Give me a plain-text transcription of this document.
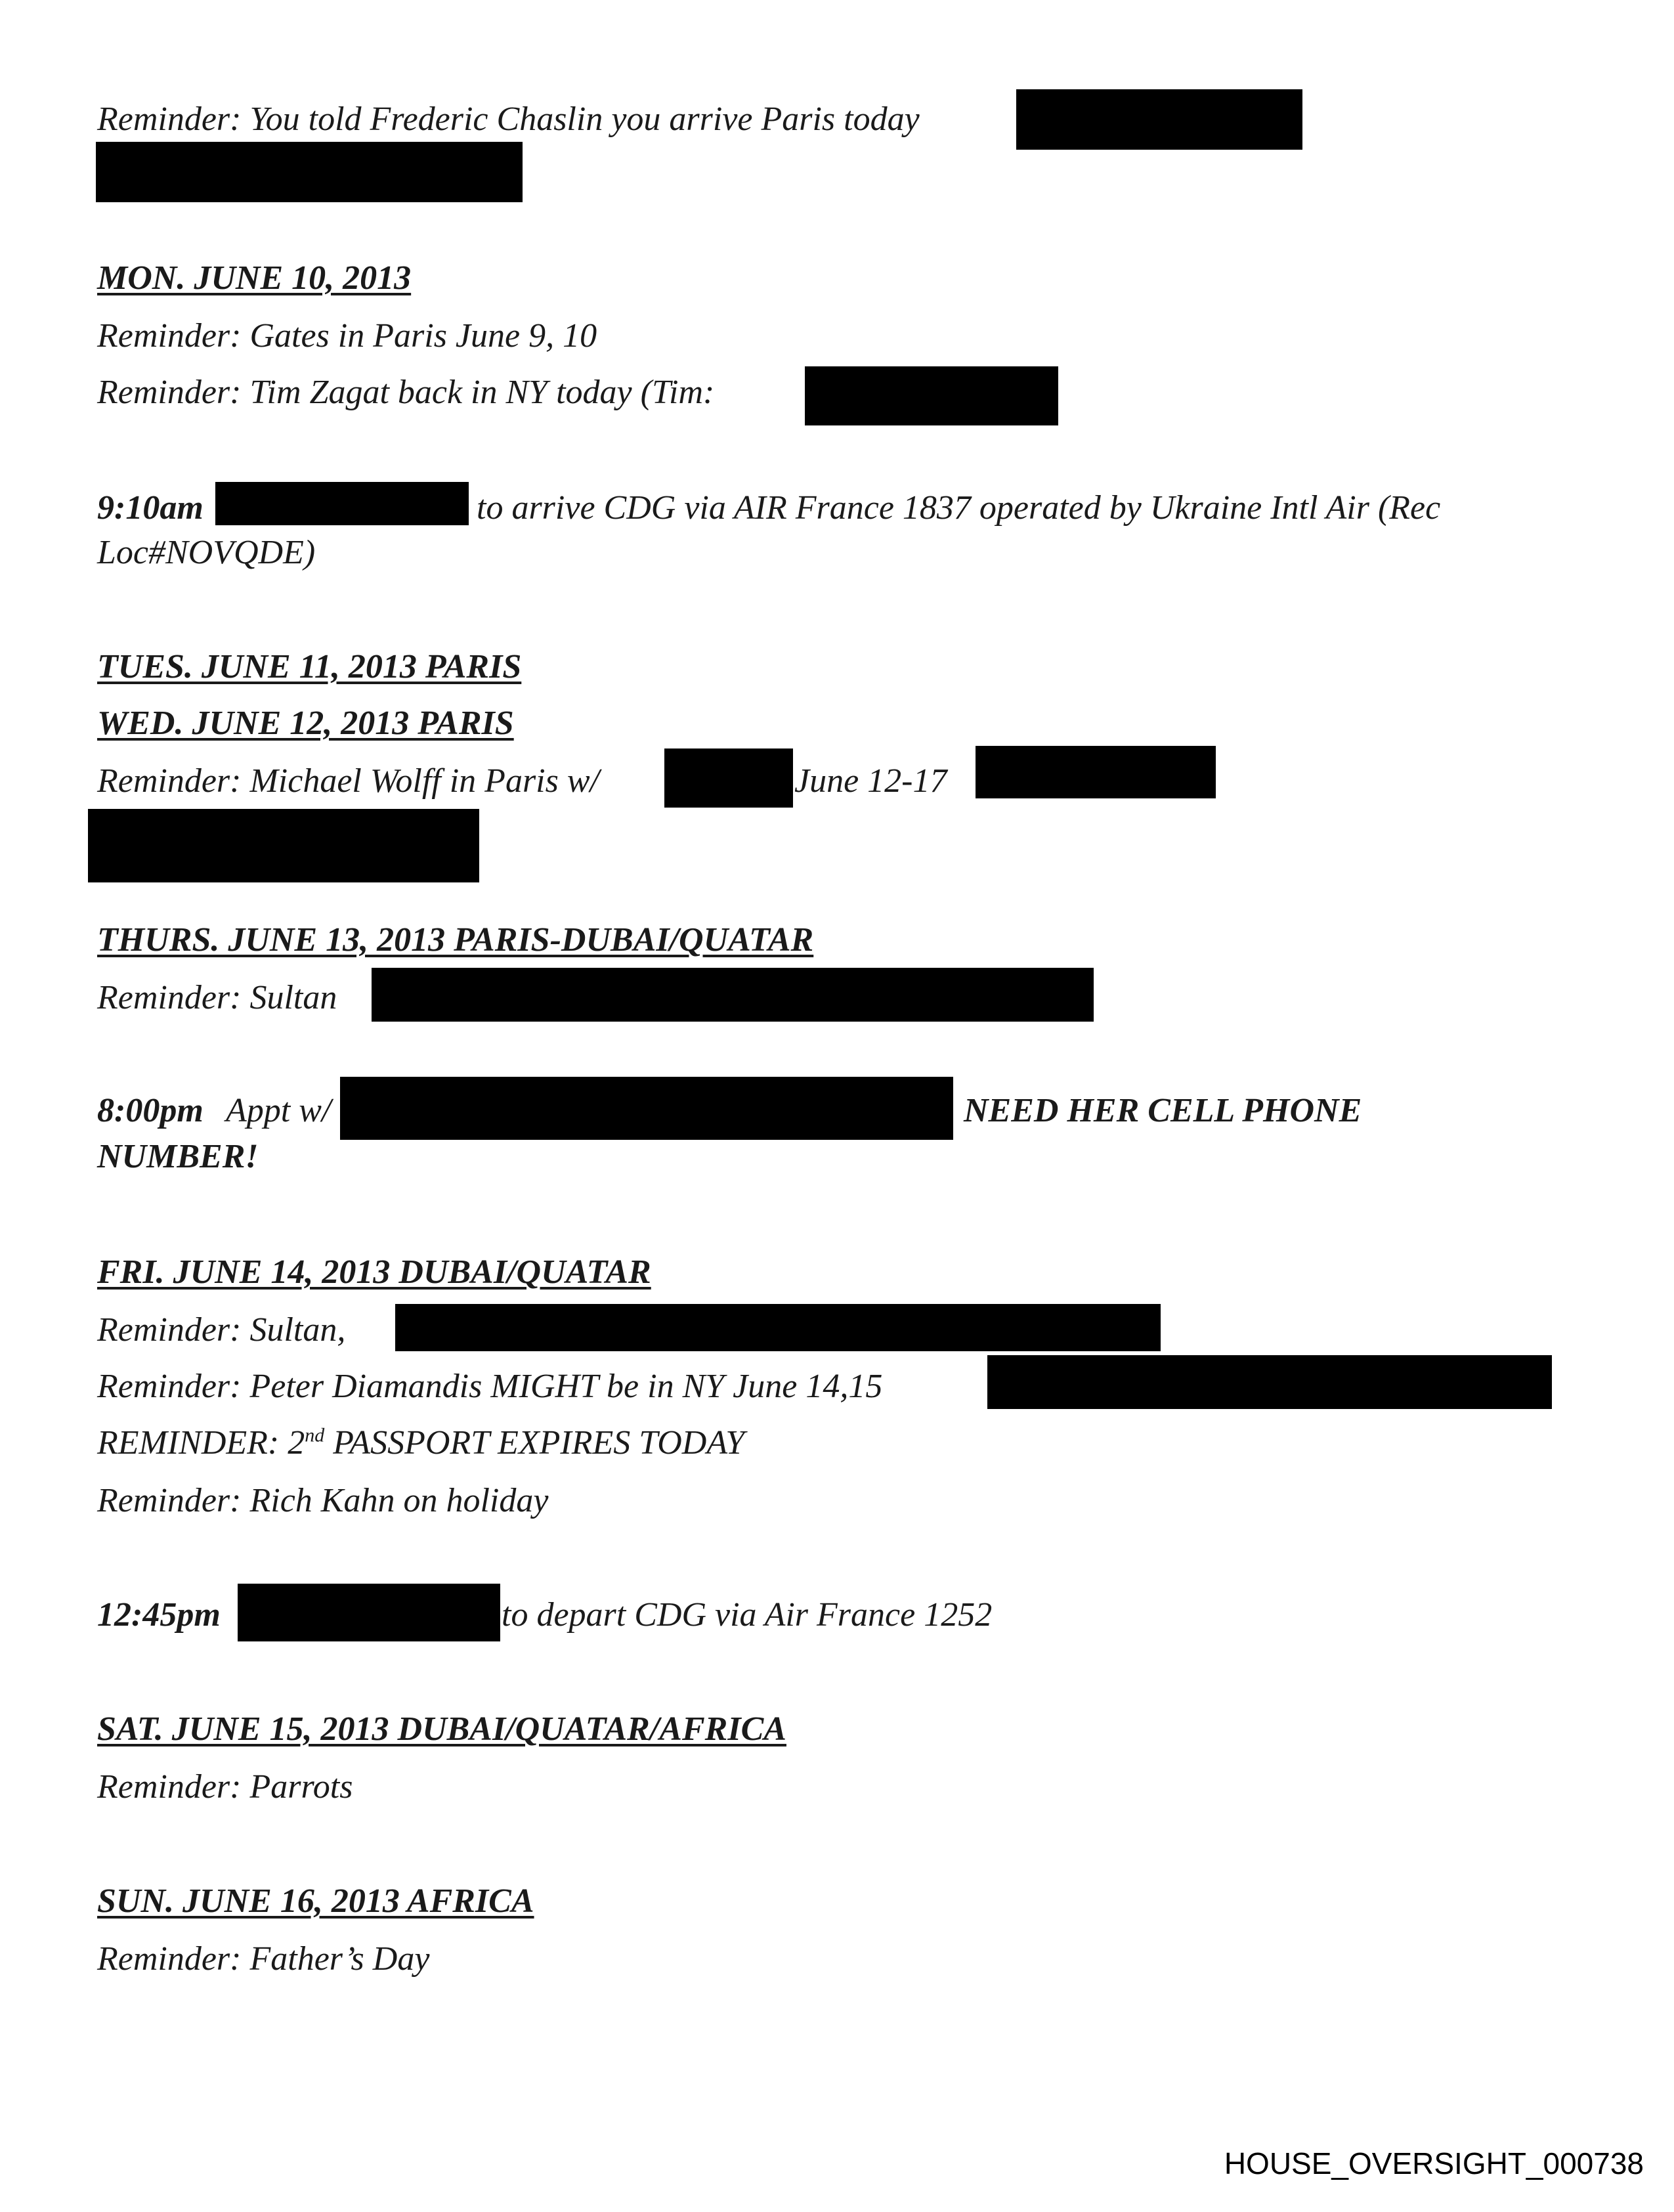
Reminder: You told Frederic Chaslin you arrive Paris today
MON. JUNE 10, 2013
Reminder: Gates in Paris June 9, 10
Reminder: Tim Zagat back in NY today (Tim:
9:10am	to arrive CDG via AIR France 1837 operated by Ukraine Intl Air (Rec
Loc#NOVQDE)
TUES. JUNE 11, 2013 PARIS
WED. JUNE 12, 2013 PARIS
Reminder: Michael Wolff in Paris w/	June 12-17
THURS. JUNE 13, 2013 PARIS-DUBAI/QUATAR
Reminder: Sultan
8:00pm Appt w/	NEED HER CELL PHONE
NUMBER!
FRI. JUNE 14, 2013 DUBAI/QUATAR
Reminder: Sultan,
Reminder: Peter Diamandis MIGHT be in NY June 14,15
REMINDER: 2nd PASSPORT EXPIRES TODAY
Reminder: Rich Kahn on holiday
12:45pm	to depart CDG via Air France 1252
SAT. JUNE 15, 2013 DUBAI/QUATAR/AFRICA
Reminder: Parrots
SUN. JUNE 16, 2013 AFRICA
Reminder: Father’s Day
HOUSE_OVERSIGHT_000738
